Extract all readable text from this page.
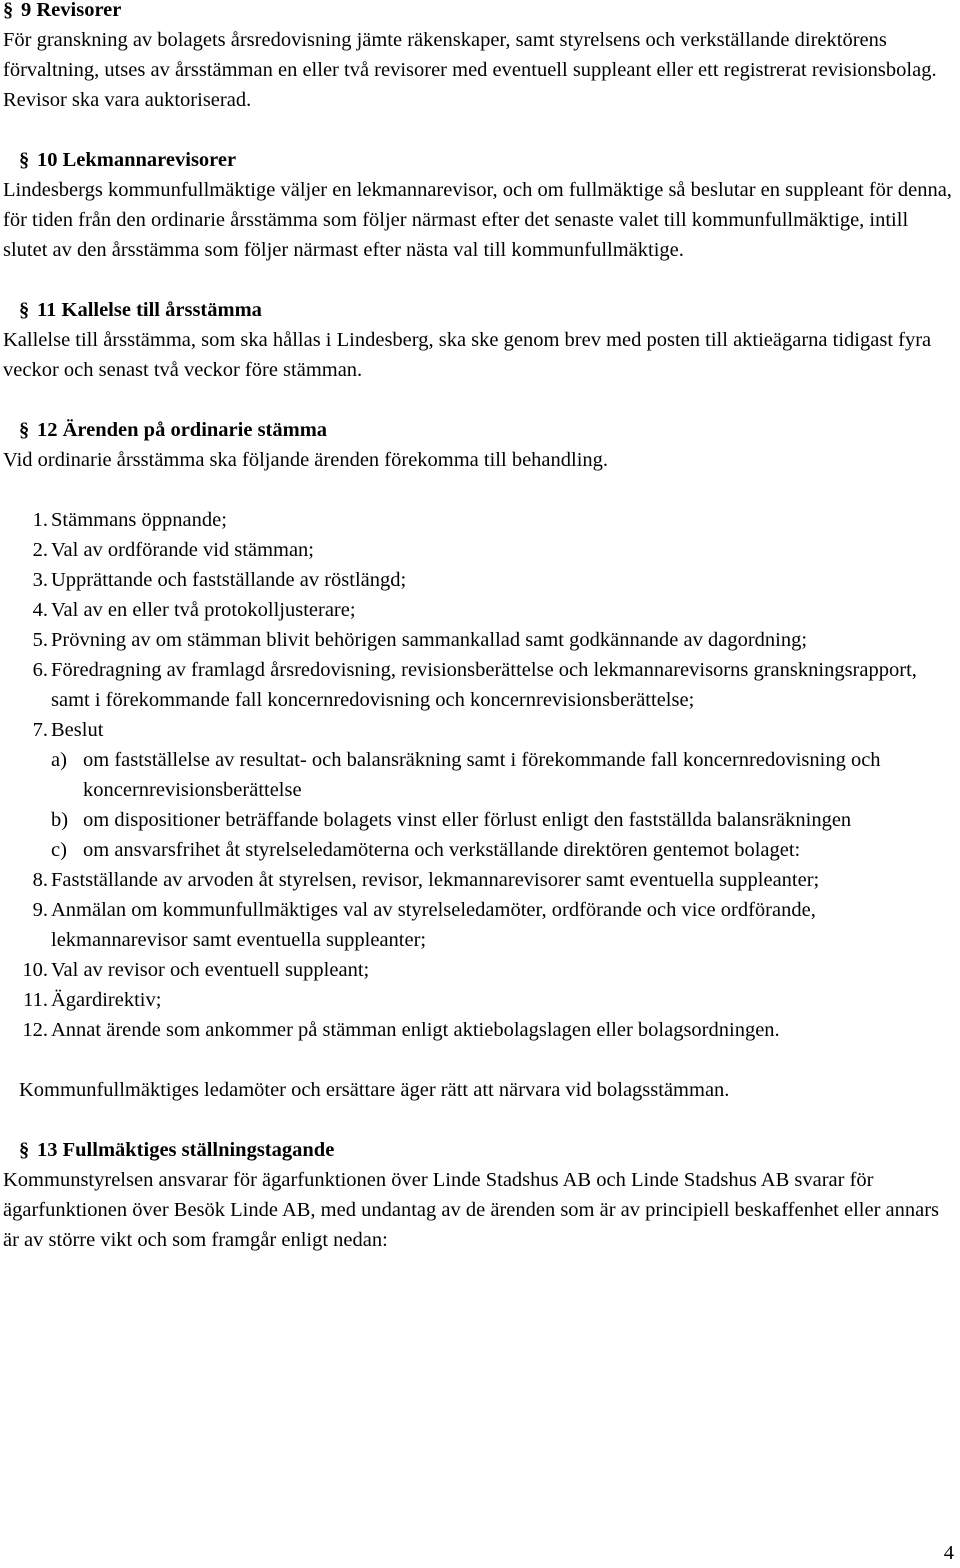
§ 9 Revisorer

För granskning av bolagets årsredovisning jämte räkenskaper, samt styrelsens och verkställande direktörens förvaltning, utses av årsstämman en eller två revisorer med eventuell suppleant eller ett registrerat revisionsbolag. Revisor ska vara auktoriserad.

§ 10 Lekmannarevisorer

Lindesbergs kommunfullmäktige väljer en lekmannarevisor, och om fullmäktige så beslutar en suppleant för denna, för tiden från den ordinarie årsstämma som följer närmast efter det senaste valet till kommunfullmäktige, intill slutet av den årsstämma som följer närmast efter nästa val till kommunfullmäktige.

§ 11 Kallelse till årsstämma

Kallelse till årsstämma, som ska hållas i Lindesberg, ska ske genom brev med posten till aktieägarna tidigast fyra veckor och senast två veckor före stämman.

§ 12 Ärenden på ordinarie stämma

Vid ordinarie årsstämma ska följande ärenden förekomma till behandling.

1. Stämmans öppnande;
2. Val av ordförande vid stämman;
3. Upprättande och fastställande av röstlängd;
4. Val av en eller två protokolljusterare;
5. Prövning av om stämman blivit behörigen sammankallad samt godkännande av dagordning;
6. Föredragning av framlagd årsredovisning, revisionsberättelse och lekmannarevisorns granskningsrapport, samt i förekommande fall koncernredovisning och koncernrevisionsberättelse;
7. Beslut
a) om fastställelse av resultat- och balansräkning samt i förekommande fall koncernredovisning och koncernrevisionsberättelse
b) om dispositioner beträffande bolagets vinst eller förlust enligt den fastställda balansräkningen
c) om ansvarsfrihet åt styrelseledamöterna och verkställande direktören gentemot bolaget:
8. Fastställande av arvoden åt styrelsen, revisor, lekmannarevisorer samt eventuella suppleanter;
9. Anmälan om kommunfullmäktiges val av styrelseledamöter, ordförande och vice ordförande, lekmannarevisor samt eventuella suppleanter;
10. Val av revisor och eventuell suppleant;
11. Ägardirektiv;
12. Annat ärende som ankommer på stämman enligt aktiebolagslagen eller bolagsordningen.

Kommunfullmäktiges ledamöter och ersättare äger rätt att närvara vid bolagsstämman.

§ 13 Fullmäktiges ställningstagande

Kommunstyrelsen ansvarar för ägarfunktionen över Linde Stadshus AB och Linde Stadshus AB svarar för ägarfunktionen över Besök Linde AB, med undantag av de ärenden som är av principiell beskaffenhet eller annars är av större vikt och som framgår enligt nedan:

4
